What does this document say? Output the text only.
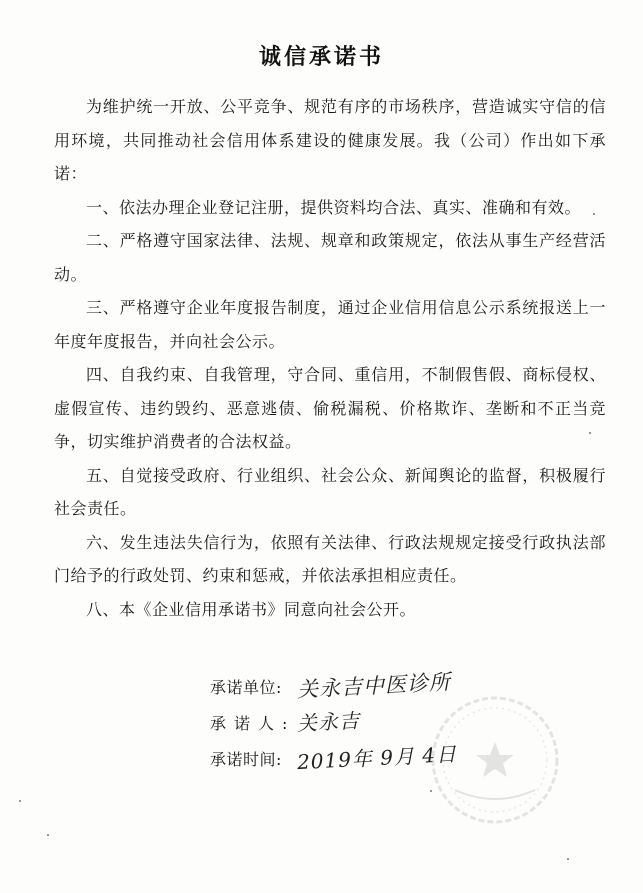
诚信承诺书

为维护统一开放、公平竞争、规范有序的市场秩序，营造诚实守信的信用环境，共同推动社会信用体系建设的健康发展。我（公司）作出如下承诺：

一、依法办理企业登记注册，提供资料均合法、真实、准确和有效。

二、严格遵守国家法律、法规、规章和政策规定，依法从事生产经营活动。

三、严格遵守企业年度报告制度，通过企业信用信息公示系统报送上一年度年度报告，并向社会公示。

四、自我约束、自我管理，守合同、重信用，不制假售假、商标侵权、虚假宣传、违约毁约、恶意逃债、偷税漏税、价格欺诈、垄断和不正当竞争，切实维护消费者的合法权益。

五、自觉接受政府、行业组织、社会公众、新闻舆论的监督，积极履行社会责任。

六、发生违法失信行为，依照有关法律、行政法规规定接受行政执法部门给予的行政处罚、约束和惩戒，并依法承担相应责任。

八、本《企业信用承诺书》同意向社会公开。

承诺单位: 关永吉中医诊所
承诺人: 关永吉
承诺时间: 2019年 9月 4日
